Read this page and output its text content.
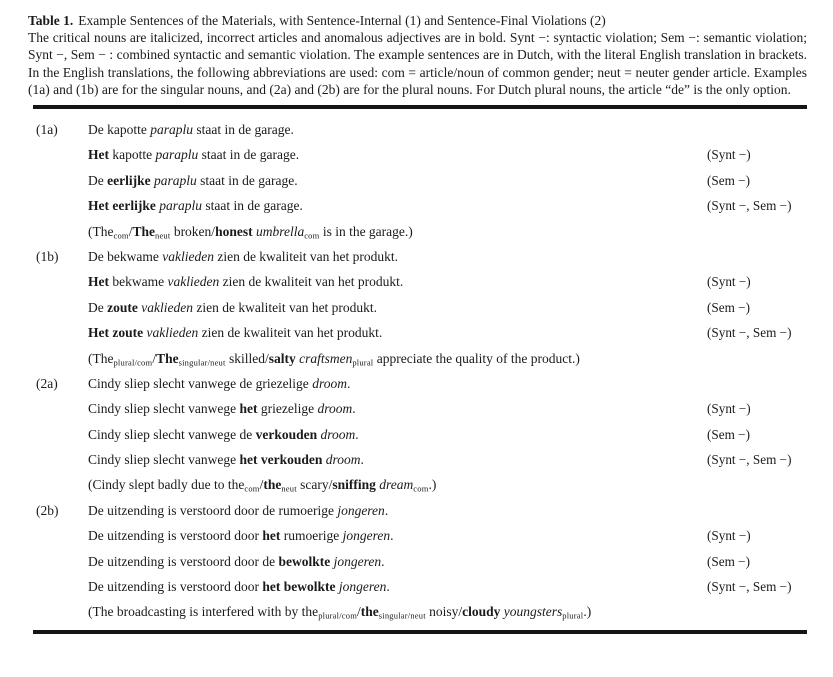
Table 1. Example Sentences of the Materials, with Sentence-Internal (1) and Sentence-Final Violations (2)
The critical nouns are italicized, incorrect articles and anomalous adjectives are in bold. Synt −: syntactic violation; Sem −: semantic violation; Synt −, Sem − : combined syntactic and semantic violation. The example sentences are in Dutch, with the literal English translation in brackets. In the English translations, the following abbreviations are used: com = article/noun of common gender; neut = neuter gender article. Examples (1a) and (1b) are for the singular nouns, and (2a) and (2b) are for the plural nouns. For Dutch plural nouns, the article “de” is the only option.
(1a)	De kapotte paraplu staat in de garage.
Het kapotte paraplu staat in de garage.	(Synt −)
De eerlijke paraplu staat in de garage.	(Sem −)
Het eerlijke paraplu staat in de garage.	(Synt −, Sem −)
(Thecom/Theneut broken/honest umbrellacom is in the garage.)
(1b)	De bekwame vaklieden zien de kwaliteit van het produkt.
Het bekwame vaklieden zien de kwaliteit van het produkt.	(Synt −)
De zoute vaklieden zien de kwaliteit van het produkt.	(Sem −)
Het zoute vaklieden zien de kwaliteit van het produkt.	(Synt −, Sem −)
(Theplural/com/Thesingular/neut skilled/salty craftsmenplural appreciate the quality of the product.)
(2a)	Cindy sliep slecht vanwege de griezelige droom.
Cindy sliep slecht vanwege het griezelige droom.	(Synt −)
Cindy sliep slecht vanwege de verkouden droom.	(Sem −)
Cindy sliep slecht vanwege het verkouden droom.	(Synt −, Sem −)
(Cindy slept badly due to thecom/theneut scary/sniffing dreamcom.)
(2b)	De uitzending is verstoord door de rumoerige jongeren.
De uitzending is verstoord door het rumoerige jongeren.	(Synt −)
De uitzending is verstoord door de bewolkte jongeren.	(Sem −)
De uitzending is verstoord door het bewolkte jongeren.	(Synt −, Sem −)
(The broadcasting is interfered with by theplural/com/thesingular/neut noisy/cloudy youngstersplural.)
